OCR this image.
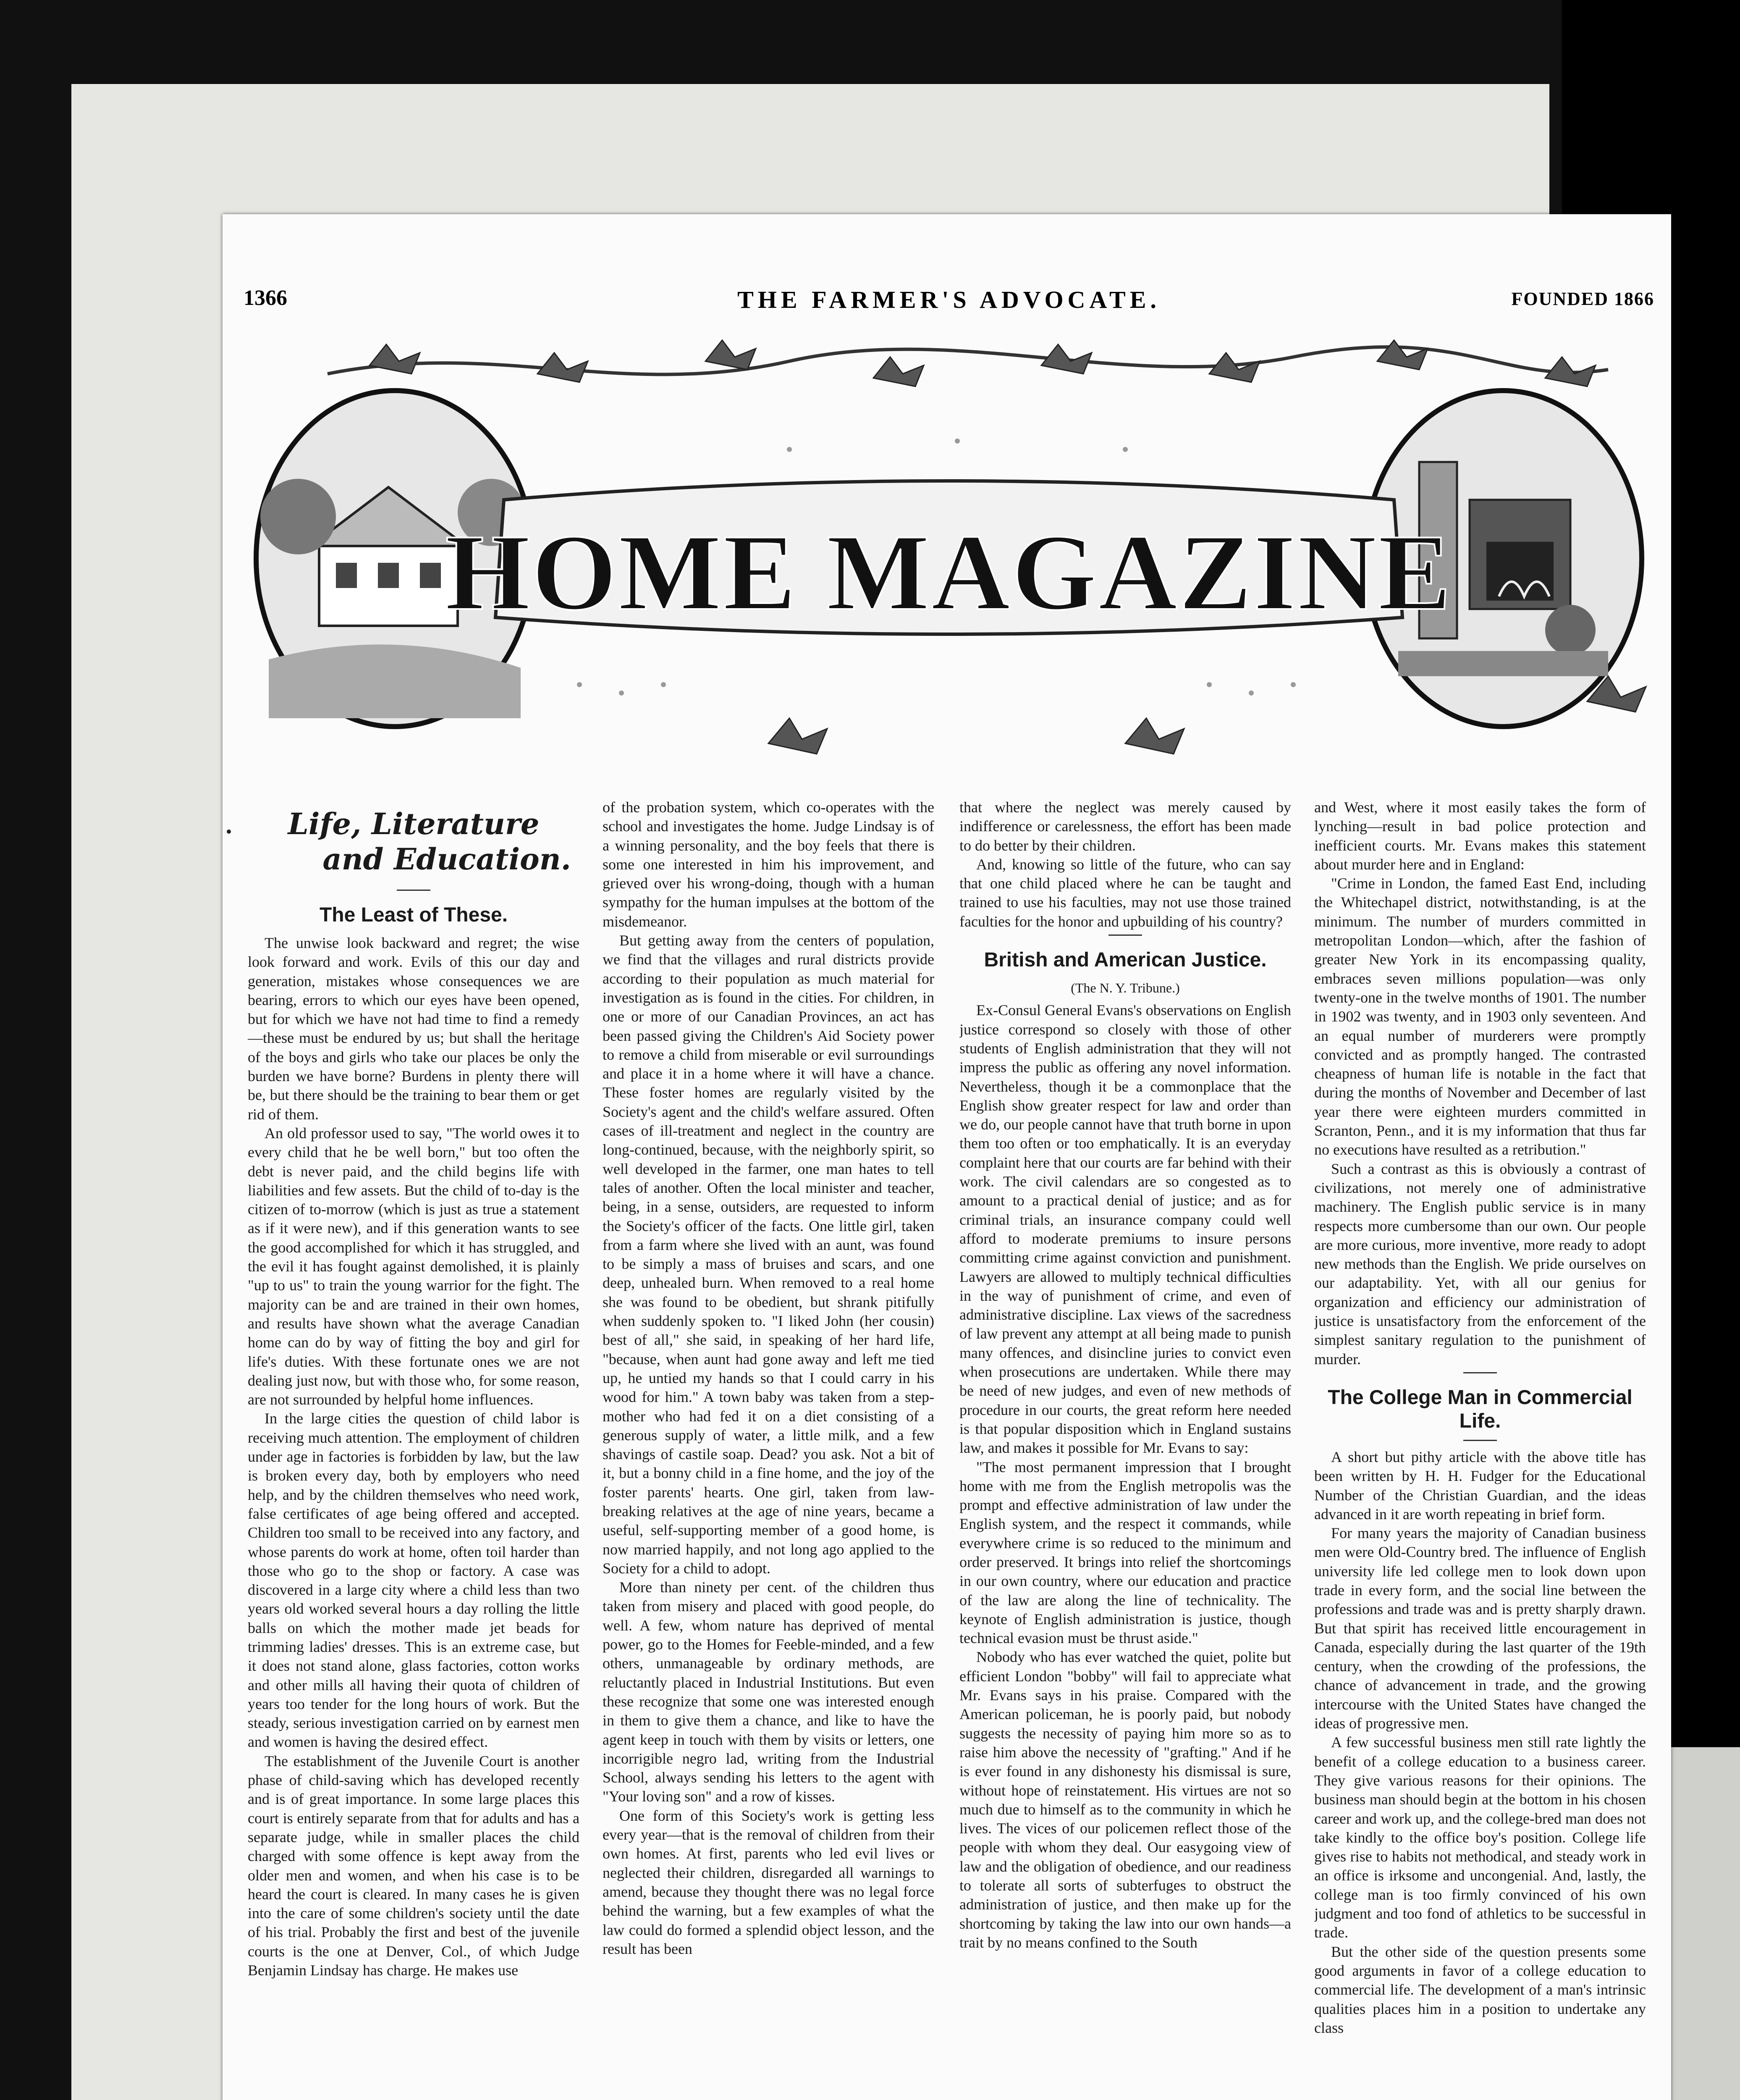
1366	THE FARMER'S ADVOCATE.	FOUNDED 1866
HOME MAGAZINE
Life, Literature
and Education.
The Least of These.

The unwise look backward and regret; the wise look forward and work. Evils of this our day and generation, mistakes whose consequences we are bearing, errors to which our eyes have been opened, but for which we have not had time to find a remedy—these must be endured by us; but shall the heritage of the boys and girls who take our places be only the burden we have borne? Burdens in plenty there will be, but there should be the training to bear them or get rid of them.

An old professor used to say, "The world owes it to every child that he be well born," but too often the debt is never paid, and the child begins life with liabilities and few assets. But the child of to-day is the citizen of to-morrow (which is just as true a statement as if it were new), and if this generation wants to see the good accomplished for which it has struggled, and the evil it has fought against demolished, it is plainly "up to us" to train the young warrior for the fight. The majority can be and are trained in their own homes, and results have shown what the average Canadian home can do by way of fitting the boy and girl for life's duties. With these fortunate ones we are not dealing just now, but with those who, for some reason, are not surrounded by helpful home influences.

In the large cities the question of child labor is receiving much attention. The employment of children under age in factories is forbidden by law, but the law is broken every day, both by employers who need help, and by the children themselves who need work, false certificates of age being offered and accepted. Children too small to be received into any factory, and whose parents do work at home, often toil harder than those who go to the shop or factory. A case was discovered in a large city where a child less than two years old worked several hours a day rolling the little balls on which the mother made jet beads for trimming ladies' dresses. This is an extreme case, but it does not stand alone, glass factories, cotton works and other mills all having their quota of children of years too tender for the long hours of work. But the steady, serious investigation carried on by earnest men and women is having the desired effect.

The establishment of the Juvenile Court is another phase of child-saving which has developed recently and is of great importance. In some large places this court is entirely separate from that for adults and has a separate judge, while in smaller places the child charged with some offence is kept away from the older men and women, and when his case is to be heard the court is cleared. In many cases he is given into the care of some children's society until the date of his trial. Probably the first and best of the juvenile courts is the one at Denver, Col., of which Judge Benjamin Lindsay has charge. He makes use

of the probation system, which co-operates with the school and investigates the home. Judge Lindsay is of a winning personality, and the boy feels that there is some one interested in him his improvement, and grieved over his wrong-doing, though with a human sympathy for the human impulses at the bottom of the misdemeanor.

But getting away from the centers of population, we find that the villages and rural districts provide according to their population as much material for investigation as is found in the cities. For children, in one or more of our Canadian Provinces, an act has been passed giving the Children's Aid Society power to remove a child from miserable or evil surroundings and place it in a home where it will have a chance. These foster homes are regularly visited by the Society's agent and the child's welfare assured. Often cases of ill-treatment and neglect in the country are long-continued, because, with the neighborly spirit, so well developed in the farmer, one man hates to tell tales of another. Often the local minister and teacher, being, in a sense, outsiders, are requested to inform the Society's officer of the facts. One little girl, taken from a farm where she lived with an aunt, was found to be simply a mass of bruises and scars, and one deep, unhealed burn. When removed to a real home she was found to be obedient, but shrank pitifully when suddenly spoken to. "I liked John (her cousin) best of all," she said, in speaking of her hard life, "because, when aunt had gone away and left me tied up, he untied my hands so that I could carry in his wood for him." A town baby was taken from a step-mother who had fed it on a diet consisting of a generous supply of water, a little milk, and a few shavings of castile soap. Dead? you ask. Not a bit of it, but a bonny child in a fine home, and the joy of the foster parents' hearts. One girl, taken from law-breaking relatives at the age of nine years, became a useful, self-supporting member of a good home, is now married happily, and not long ago applied to the Society for a child to adopt.

More than ninety per cent. of the children thus taken from misery and placed with good people, do well. A few, whom nature has deprived of mental power, go to the Homes for Feeble-minded, and a few others, unmanageable by ordinary methods, are reluctantly placed in Industrial Institutions. But even these recognize that some one was interested enough in them to give them a chance, and like to have the agent keep in touch with them by visits or letters, one incorrigible negro lad, writing from the Industrial School, always sending his letters to the agent with "Your loving son" and a row of kisses.

One form of this Society's work is getting less every year—that is the removal of children from their own homes. At first, parents who led evil lives or neglected their children, disregarded all warnings to amend, because they thought there was no legal force behind the warning, but a few examples of what the law could do formed a splendid object lesson, and the result has been

that where the neglect was merely caused by indifference or carelessness, the effort has been made to do better by their children.

And, knowing so little of the future, who can say that one child placed where he can be taught and trained to use his faculties, may not use those trained faculties for the honor and upbuilding of his country?

British and American Justice.
(The N. Y. Tribune.)

Ex-Consul General Evans's observations on English justice correspond so closely with those of other students of English administration that they will not impress the public as offering any novel information. Nevertheless, though it be a commonplace that the English show greater respect for law and order than we do, our people cannot have that truth borne in upon them too often or too emphatically. It is an everyday complaint here that our courts are far behind with their work. The civil calendars are so congested as to amount to a practical denial of justice; and as for criminal trials, an insurance company could well afford to moderate premiums to insure persons committing crime against conviction and punishment. Lawyers are allowed to multiply technical difficulties in the way of punishment of crime, and even of administrative discipline. Lax views of the sacredness of law prevent any attempt at all being made to punish many offences, and disincline juries to convict even when prosecutions are undertaken. While there may be need of new judges, and even of new methods of procedure in our courts, the great reform here needed is that popular disposition which in England sustains law, and makes it possible for Mr. Evans to say:

"The most permanent impression that I brought home with me from the English metropolis was the prompt and effective administration of law under the English system, and the respect it commands, while everywhere crime is so reduced to the minimum and order preserved. It brings into relief the shortcomings in our own country, where our education and practice of the law are along the line of technicality. The keynote of English administration is justice, though technical evasion must be thrust aside."

Nobody who has ever watched the quiet, polite but efficient London "bobby" will fail to appreciate what Mr. Evans says in his praise. Compared with the American policeman, he is poorly paid, but nobody suggests the necessity of paying him more so as to raise him above the necessity of "grafting." And if he is ever found in any dishonesty his dismissal is sure, without hope of reinstatement. His virtues are not so much due to himself as to the community in which he lives. The vices of our policemen reflect those of the people with whom they deal. Our easygoing view of law and the obligation of obedience, and our readiness to tolerate all sorts of subterfuges to obstruct the administration of justice, and then make up for the shortcoming by taking the law into our own hands—a trait by no means confined to the South

and West, where it most easily takes the form of lynching—result in bad police protection and inefficient courts. Mr. Evans makes this statement about murder here and in England:

"Crime in London, the famed East End, including the Whitechapel district, notwithstanding, is at the minimum. The number of murders committed in metropolitan London—which, after the fashion of greater New York in its encompassing quality, embraces seven millions population—was only twenty-one in the twelve months of 1901. The number in 1902 was twenty, and in 1903 only seventeen. And an equal number of murderers were promptly convicted and as promptly hanged. The contrasted cheapness of human life is notable in the fact that during the months of November and December of last year there were eighteen murders committed in Scranton, Penn., and it is my information that thus far no executions have resulted as a retribution."

Such a contrast as this is obviously a contrast of civilizations, not merely one of administrative machinery. The English public service is in many respects more cumbersome than our own. Our people are more curious, more inventive, more ready to adopt new methods than the English. We pride ourselves on our adaptability. Yet, with all our genius for organization and efficiency our administration of justice is unsatisfactory from the enforcement of the simplest sanitary regulation to the punishment of murder.

The College Man in Commercial Life.

A short but pithy article with the above title has been written by H. H. Fudger for the Educational Number of the Christian Guardian, and the ideas advanced in it are worth repeating in brief form.

For many years the majority of Canadian business men were Old-Country bred. The influence of English university life led college men to look down upon trade in every form, and the social line between the professions and trade was and is pretty sharply drawn. But that spirit has received little encouragement in Canada, especially during the last quarter of the 19th century, when the crowding of the professions, the chance of advancement in trade, and the growing intercourse with the United States have changed the ideas of progressive men.

A few successful business men still rate lightly the benefit of a college education to a business career. They give various reasons for their opinions. The business man should begin at the bottom in his chosen career and work up, and the college-bred man does not take kindly to the office boy's position. College life gives rise to habits not methodical, and steady work in an office is irksome and uncongenial. And, lastly, the college man is too firmly convinced of his own judgment and too fond of athletics to be successful in trade.

But the other side of the question presents some good arguments in favor of a college education to commercial life. The development of a man's intrinsic qualities places him in a position to undertake any class
